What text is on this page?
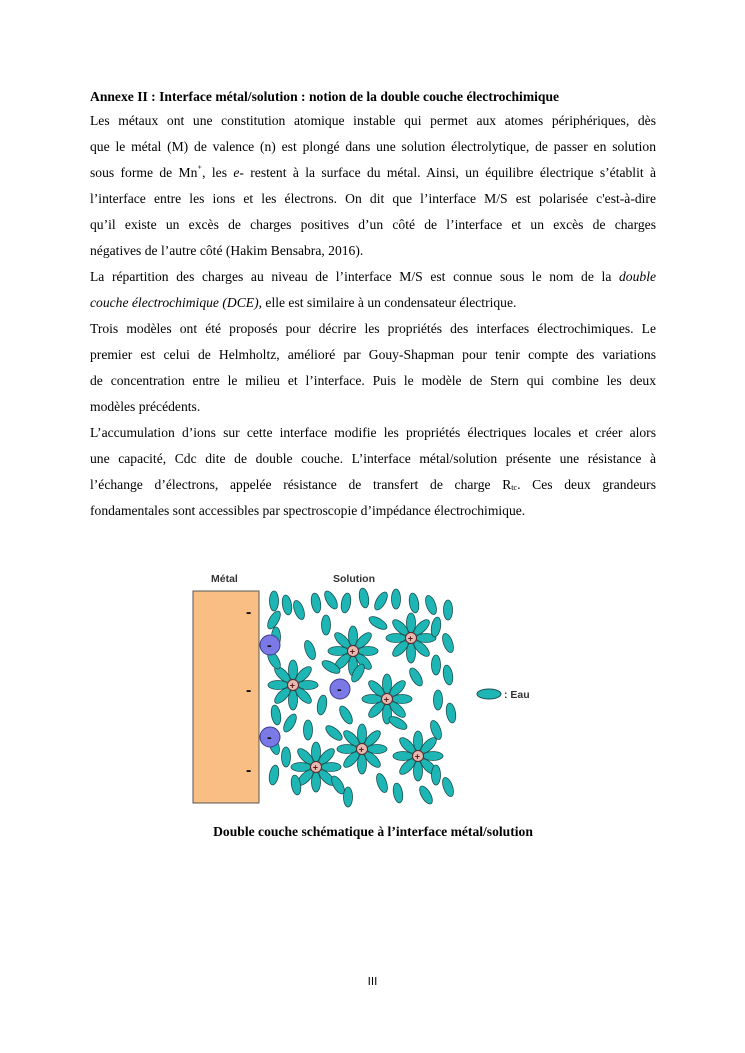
Annexe II : Interface métal/solution : notion de la double couche électrochimique
Les métaux ont une constitution atomique instable qui permet aux atomes périphériques, dès
que le métal (M) de valence (n) est plongé dans une solution électrolytique, de passer en solution
sous forme de Mn⁺, les e- restent à la surface du métal. Ainsi, un équilibre électrique s’établit à
l’interface entre les ions et les électrons. On dit que l’interface M/S est polarisée c'est-à-dire
qu’il existe un excès de charges positives d’un côté de l’interface et un excès de charges
négatives de l’autre côté (Hakim Bensabra, 2016).
La répartition des charges au niveau de l’interface M/S est connue sous le nom de la double
couche électrochimique (DCE), elle est similaire à un condensateur électrique.
Trois modèles ont été proposés pour décrire les propriétés des interfaces électrochimiques. Le
premier est celui de Helmholtz, amélioré par Gouy-Shapman pour tenir compte des variations
de concentration entre le milieu et l’interface. Puis le modèle de Stern qui combine les deux
modèles précédents.
L’accumulation d’ions sur cette interface modifie les propriétés électriques locales et créer alors
une capacité, Cdc dite de double couche. L’interface métal/solution présente une résistance à
l’échange d’électrons, appelée résistance de transfert de charge Rtc. Ces deux grandeurs
fondamentales sont accessibles par spectroscopie d’impédance électrochimique.
Métal	Solution
-
-
-
-
-
-
+
+
+
+
+
+
+
: Eau
Double couche schématique à l’interface métal/solution
III
